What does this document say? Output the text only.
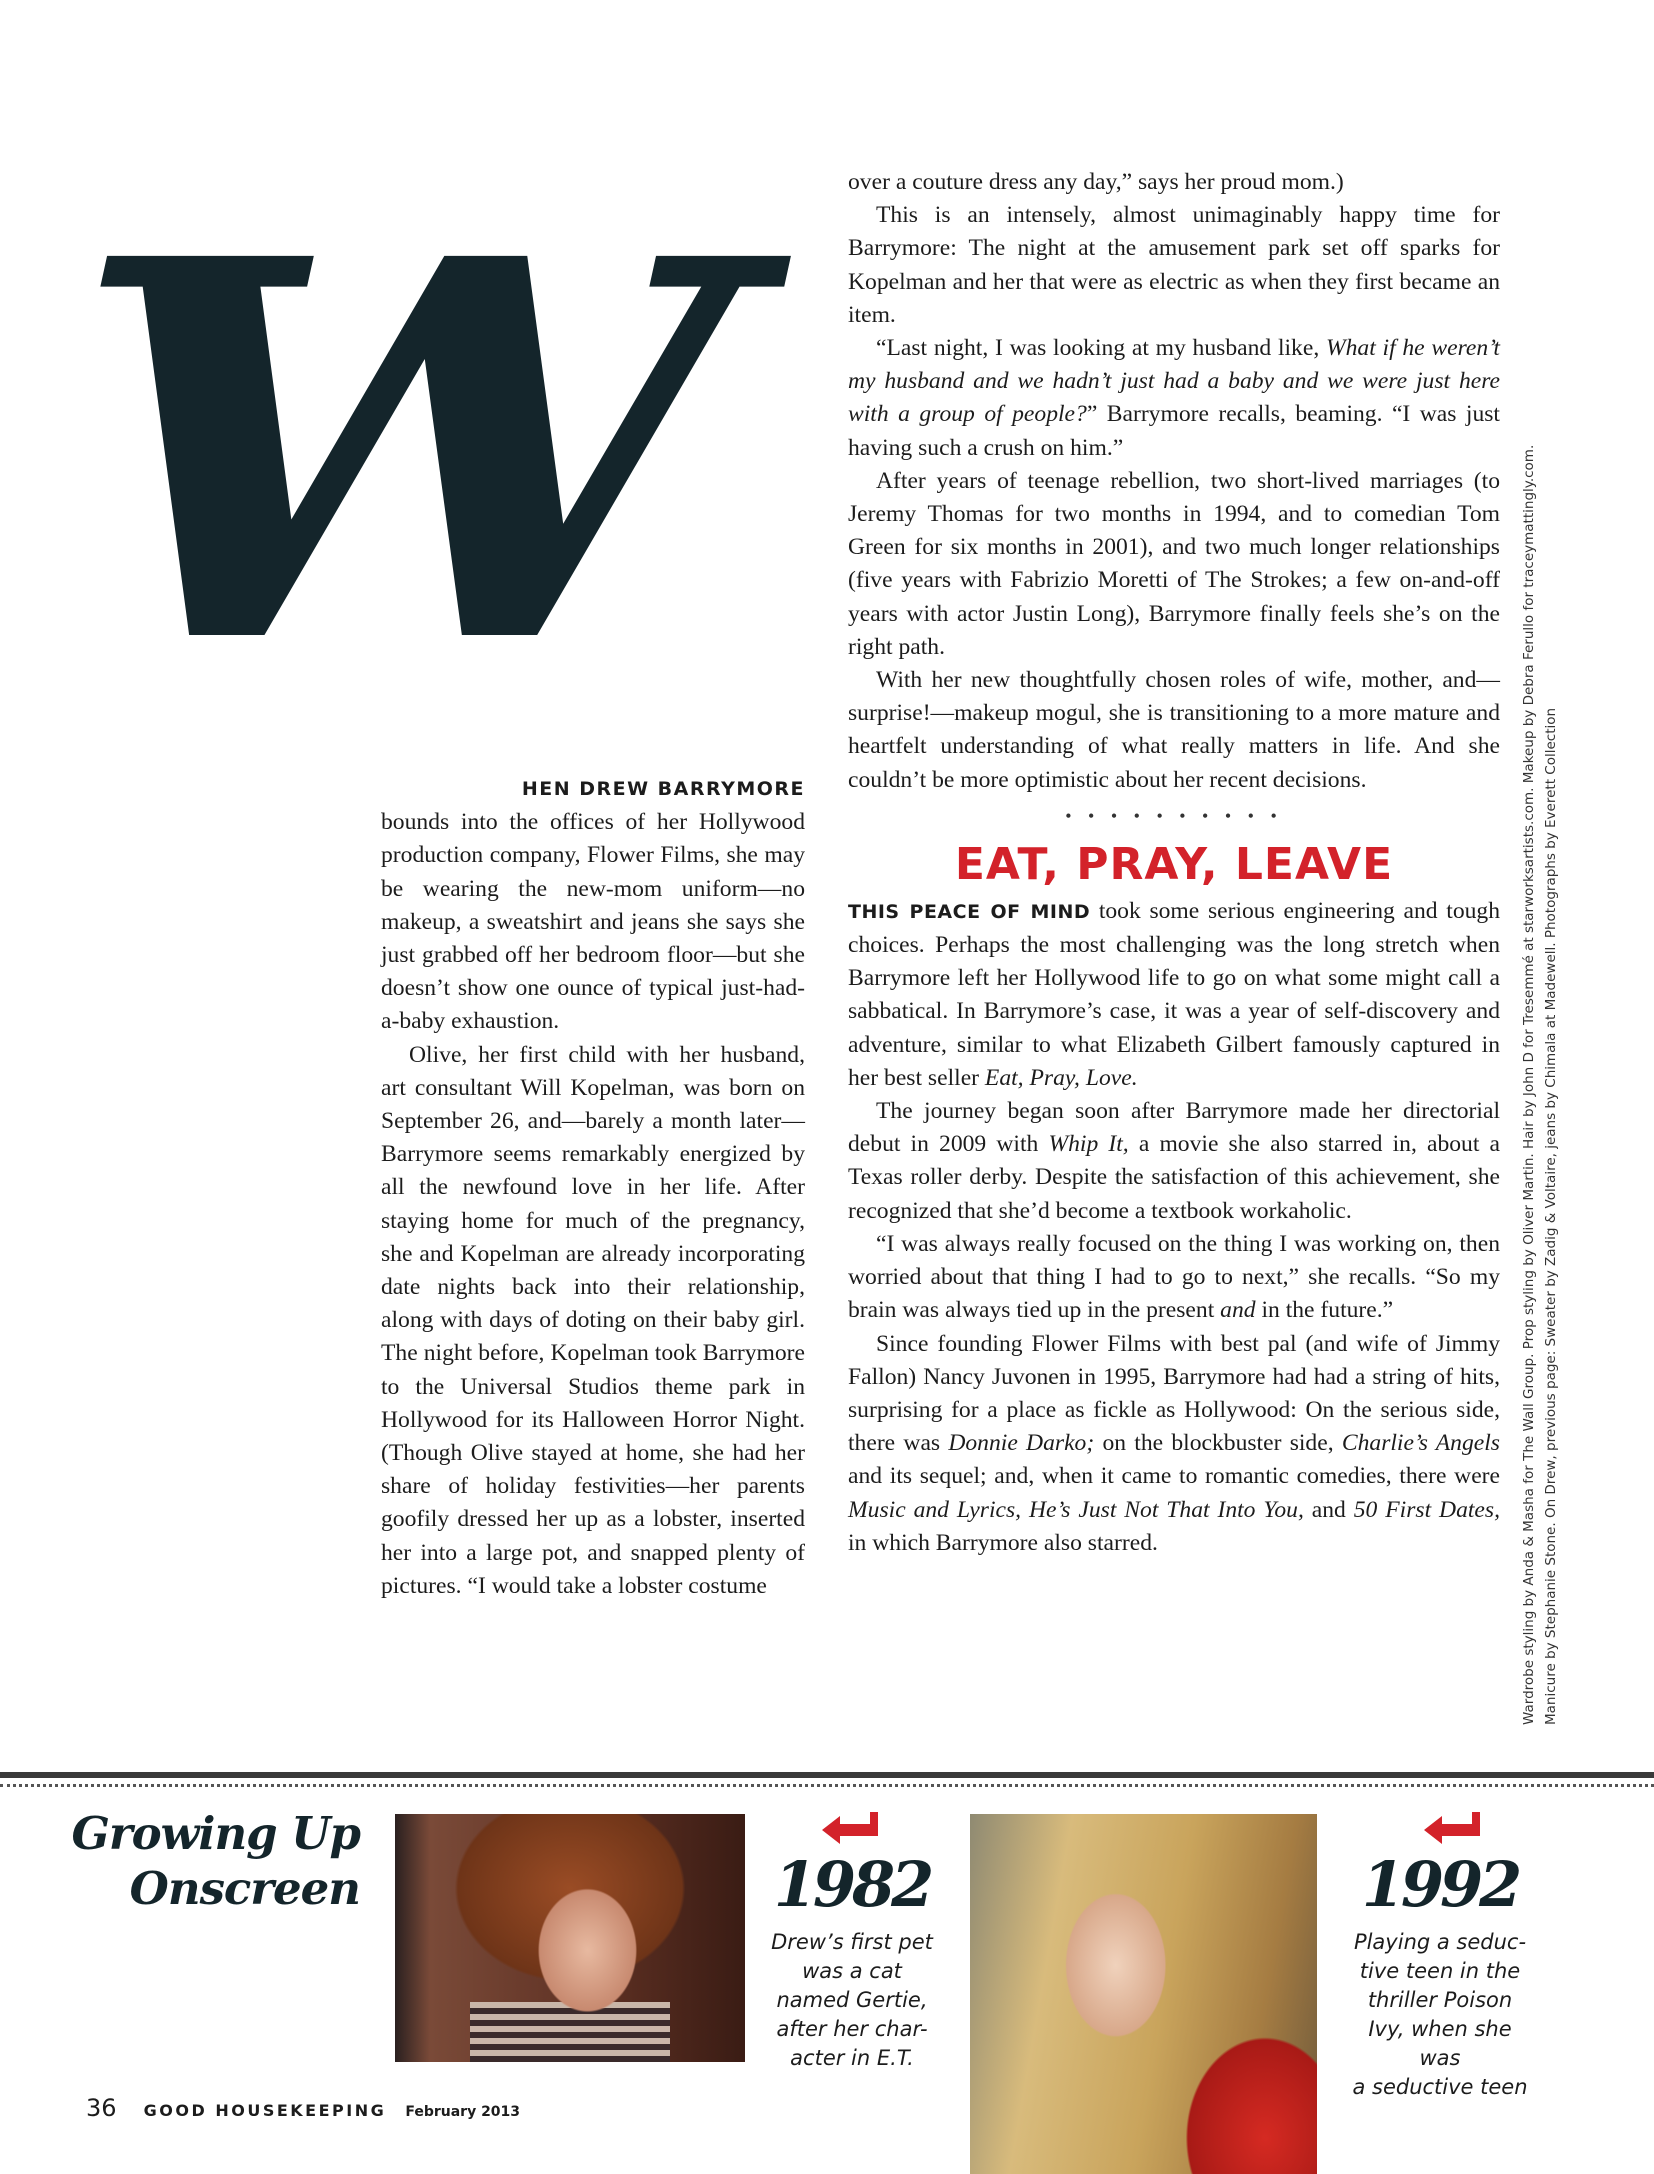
W

HEN DREW BARRYMORE

bounds into the offices of her Hollywood production company, Flower Films, she may be wearing the new-mom uniform—no makeup, a sweatshirt and jeans she says she just grabbed off her bedroom floor—but she doesn’t show one ounce of typical just-had-a-baby exhaustion.

Olive, her first child with her husband, art consultant Will Kopelman, was born on September 26, and—barely a month later—Barrymore seems remarkably energized by all the newfound love in her life. After staying home for much of the pregnancy, she and Kopelman are already incorporating date nights back into their relationship, along with days of doting on their baby girl. The night before, Kopelman took Barrymore to the Universal Studios theme park in Hollywood for its Halloween Horror Night. (Though Olive stayed at home, she had her share of holiday festivities—her parents goofily dressed her up as a lobster, inserted her into a large pot, and snapped plenty of pictures. “I would take a lobster costume

over a couture dress any day,” says her proud mom.)

This is an intensely, almost unimaginably happy time for Barrymore: The night at the amusement park set off sparks for Kopelman and her that were as electric as when they first became an item.

“Last night, I was looking at my husband like, What if he weren’t my husband and we hadn’t just had a baby and we were just here with a group of people?” Barrymore recalls, beaming. “I was just having such a crush on him.”

After years of teenage rebellion, two short-lived marriages (to Jeremy Thomas for two months in 1994, and to comedian Tom Green for six months in 2001), and two much longer relationships (five years with Fabrizio Moretti of The Strokes; a few on-and-off years with actor Justin Long), Barrymore finally feels she’s on the right path.

With her new thoughtfully chosen roles of wife, mother, and—surprise!—makeup mogul, she is transitioning to a more mature and heartfelt understanding of what really matters in life. And she couldn’t be more optimistic about her recent decisions.

• • • • • • • • • •
EAT, PRAY, LEAVE

THIS PEACE OF MIND took some serious engineering and tough choices. Perhaps the most challenging was the long stretch when Barrymore left her Hollywood life to go on what some might call a sabbatical. In Barrymore’s case, it was a year of self-discovery and adventure, similar to what Elizabeth Gilbert famously captured in her best seller Eat, Pray, Love.

The journey began soon after Barrymore made her directorial debut in 2009 with Whip It, a movie she also starred in, about a Texas roller derby. Despite the satisfaction of this achievement, she recognized that she’d become a textbook workaholic.

“I was always really focused on the thing I was working on, then worried about that thing I had to go to next,” she recalls. “So my brain was always tied up in the present and in the future.”

Since founding Flower Films with best pal (and wife of Jimmy Fallon) Nancy Juvonen in 1995, Barrymore had had a string of hits, surprising for a place as fickle as Hollywood: On the serious side, there was Donnie Darko; on the blockbuster side, Charlie’s Angels and its sequel; and, when it came to romantic comedies, there were Music and Lyrics, He’s Just Not That Into You, and 50 First Dates, in which Barrymore also starred.	Wardrobe styling by Anda & Masha for The Wall Group. Prop styling by Oliver Martin. Hair by John D for Tresemmé at starworksartists.com. Makeup by Debra Ferullo for traceymattingly.com. Manicure by Stephanie Stone. On Drew, previous page: Sweater by Zadig & Voltaire, jeans by Chimala at Madewell. Photographs by Everett Collection
Growing Up
Onscreen	1982
Drew’s first pet
was a cat
named Gertie,
after her char-
acter in E.T.
1992
Playing a seduc-
tive teen in the
thriller Poison
Ivy, when she was
a seductive teen
36 GOOD HOUSEKEEPING February 2013
